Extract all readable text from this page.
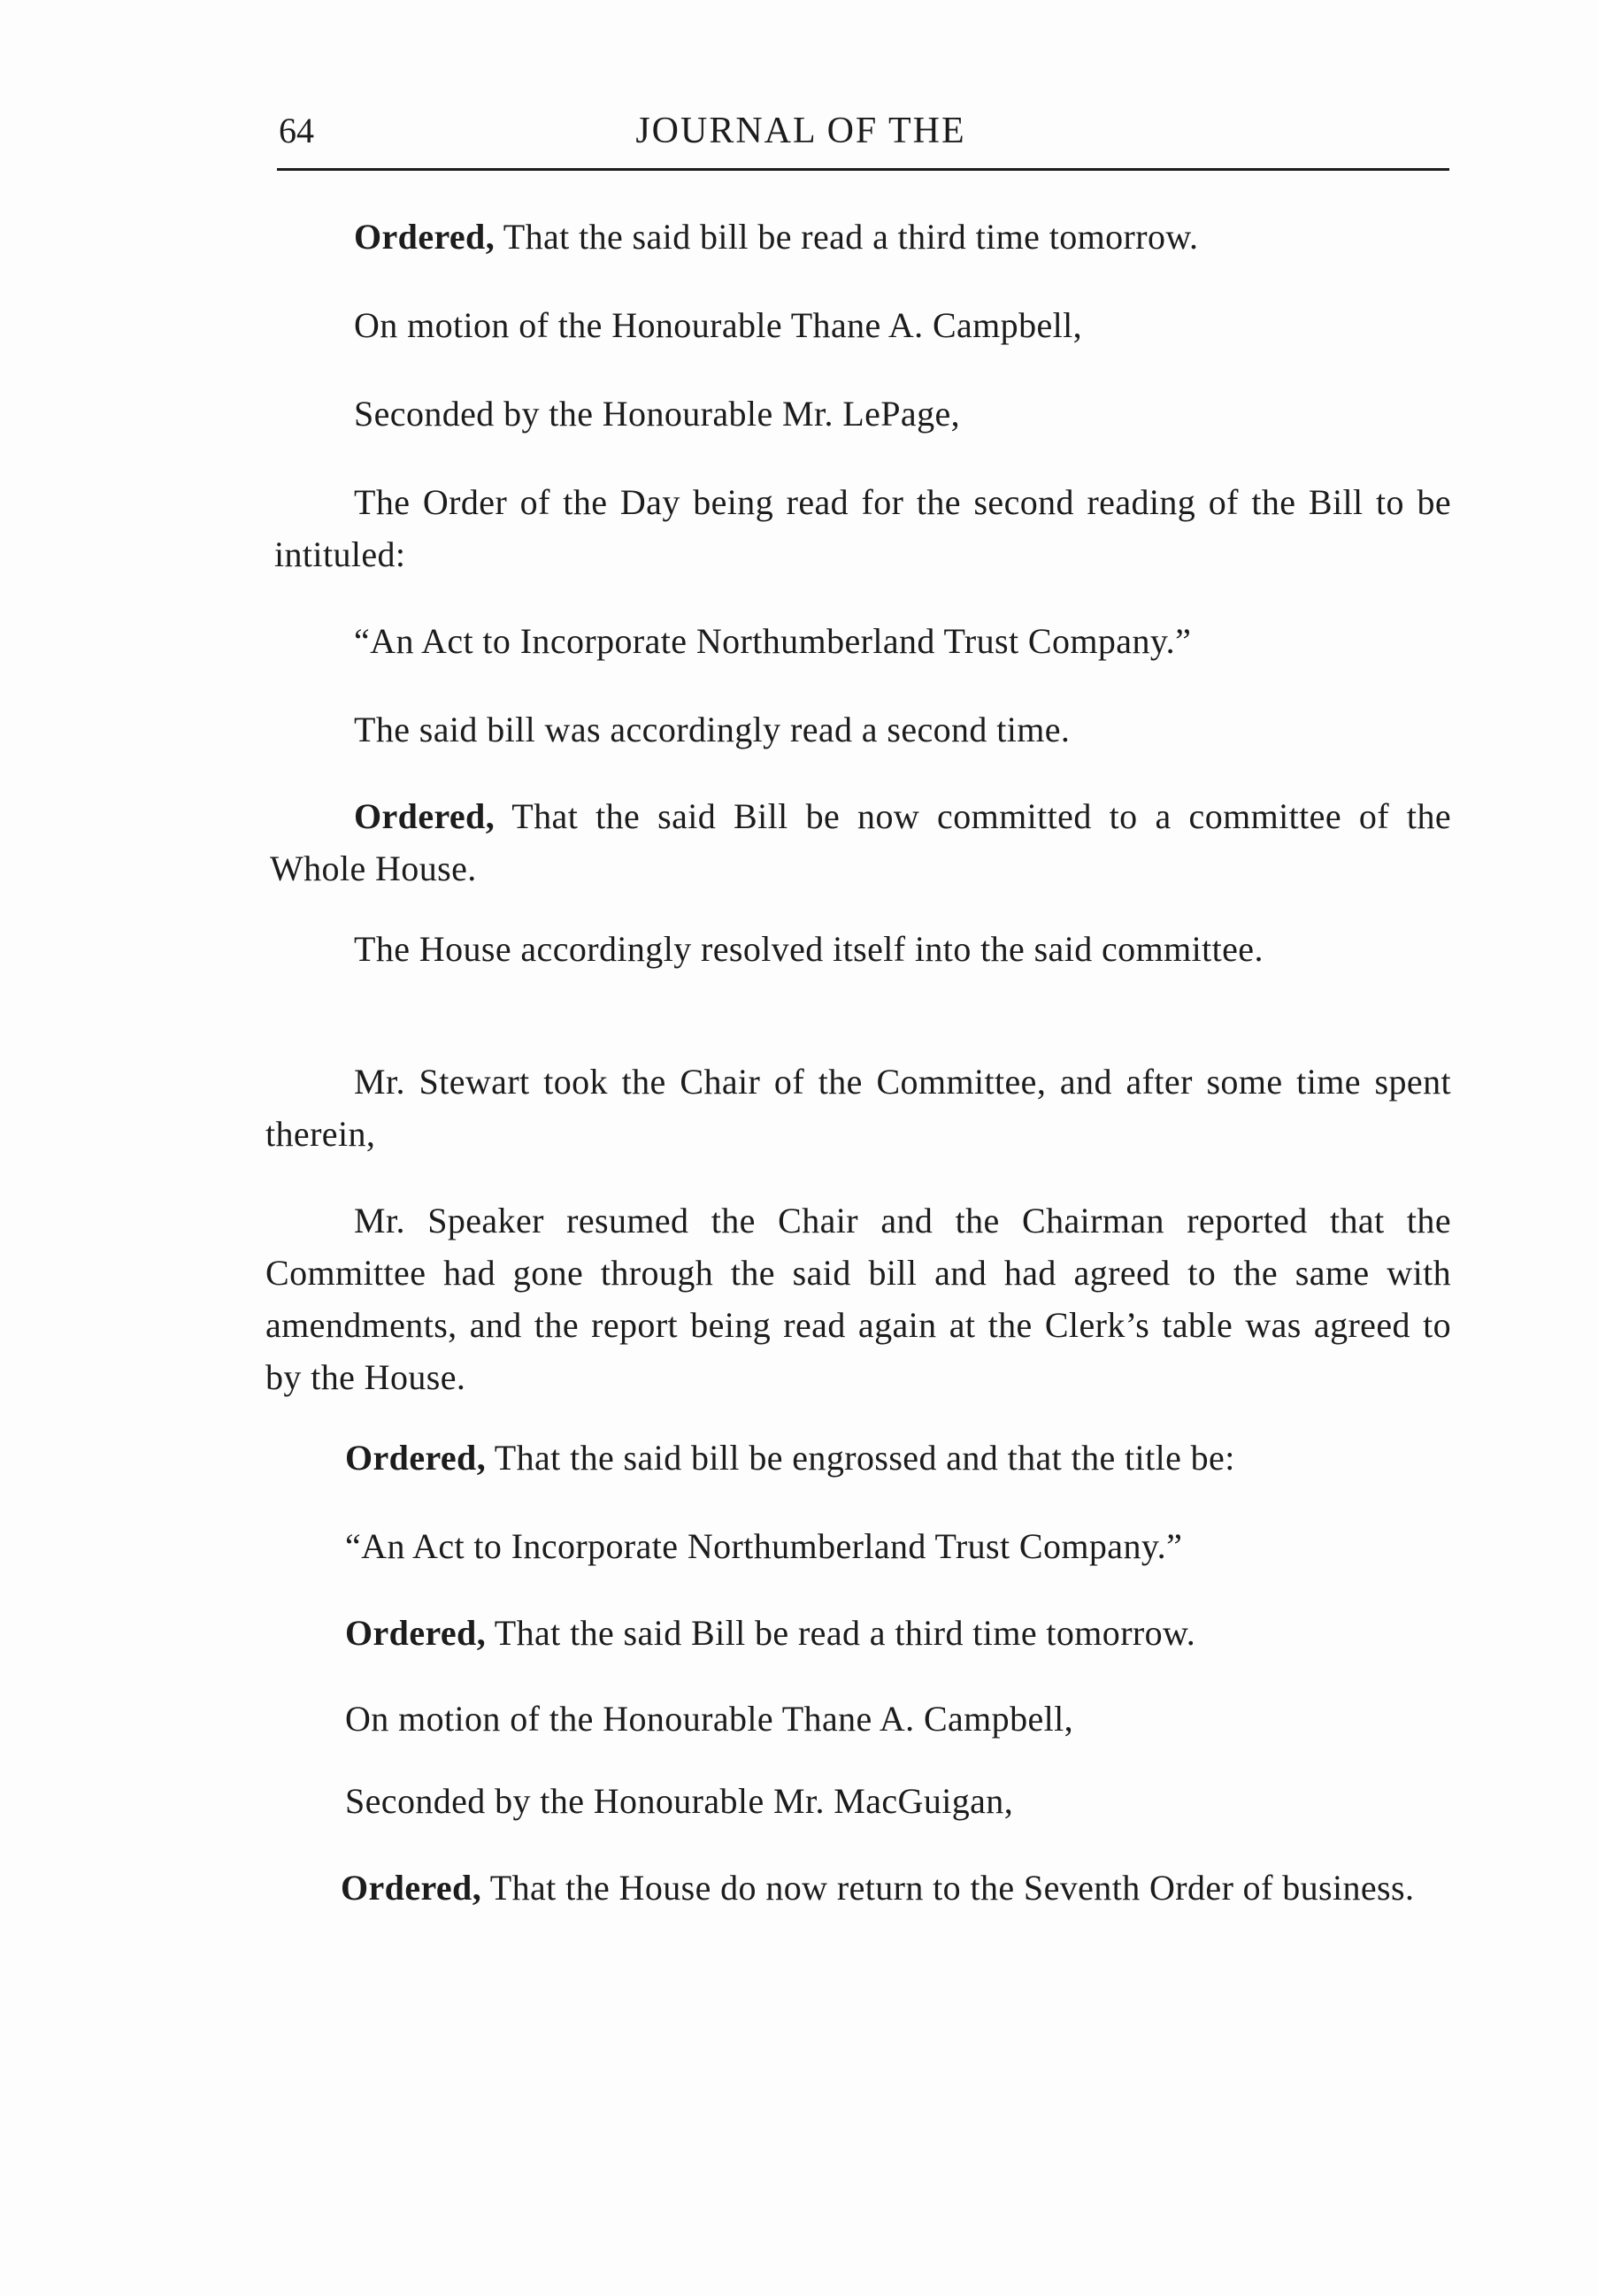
64	JOURNAL OF THE

Ordered, That the said bill be read a third time tomorrow.

On motion of the Honourable Thane A. Campbell,

Seconded by the Honourable Mr. LePage,

The Order of the Day being read for the second reading of the Bill to be intituled:

“An Act to Incorporate Northumberland Trust Company.”

The said bill was accordingly read a second time.

Ordered, That the said Bill be now committed to a committee of the Whole House.

The House accordingly resolved itself into the said committee.

Mr. Stewart took the Chair of the Committee, and after some time spent therein,

Mr. Speaker resumed the Chair and the Chairman reported that the Committee had gone through the said bill and had agreed to the same with amendments, and the report being read again at the Clerk’s table was agreed to by the House.

Ordered, That the said bill be engrossed and that the title be:

“An Act to Incorporate Northumberland Trust Company.”

Ordered, That the said Bill be read a third time tomorrow.

On motion of the Honourable Thane A. Campbell,

Seconded by the Honourable Mr. MacGuigan,

Ordered, That the House do now return to the Seventh Order of business.
